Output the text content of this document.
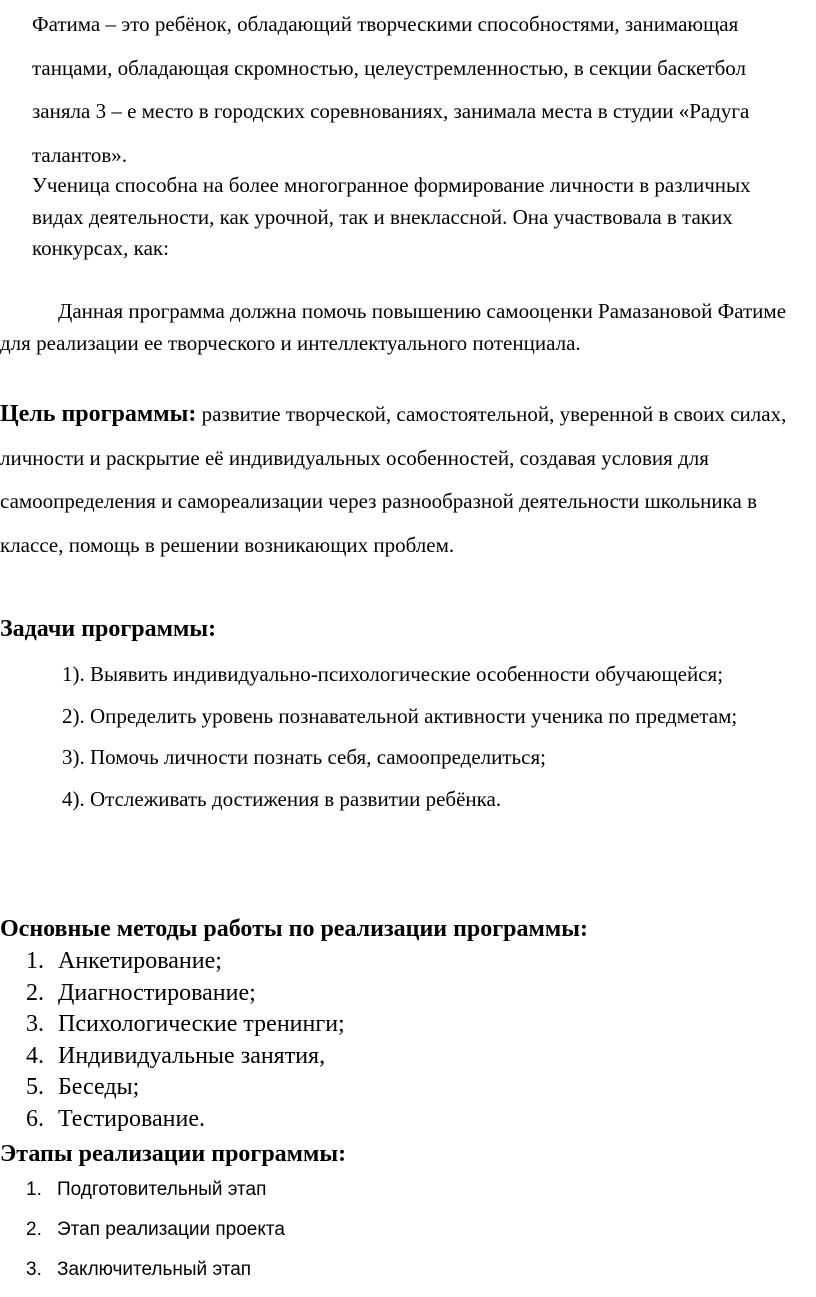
Фатима – это ребёнок, обладающий творческими способностями, занимающая танцами, обладающая скромностью, целеустремленностью, в секции баскетбол заняла 3 – е место в городских соревнованиях, занимала места в студии «Радуга талантов».

Ученица способна на более многогранное формирование личности в различных видах деятельности, как урочной, так и внеклассной. Она участвовала в таких конкурсах, как:

Данная программа должна помочь повышению самооценки Рамазановой Фатиме для реализации ее творческого и интеллектуального потенциала.

Цель программы: развитие творческой, самостоятельной, уверенной в своих силах, личности и раскрытие её индивидуальных особенностей, создавая условия для самоопределения и самореализации через разнообразной деятельности школьника в классе, помощь в решении возникающих проблем.

Задачи программы:
1). Выявить индивидуально-психологические особенности обучающейся;
2). Определить уровень познавательной активности ученика по предметам;
3). Помочь личности познать себя, самоопределиться;
4). Отслеживать достижения в развитии ребёнка.
Основные методы работы по реализации программы:
1. Анкетирование;
2. Диагностирование;
3. Психологические тренинги;
4. Индивидуальные занятия,
5. Беседы;
6. Тестирование.
Этапы реализации программы:
1. Подготовительный этап
2. Этап реализации проекта
3. Заключительный этап
